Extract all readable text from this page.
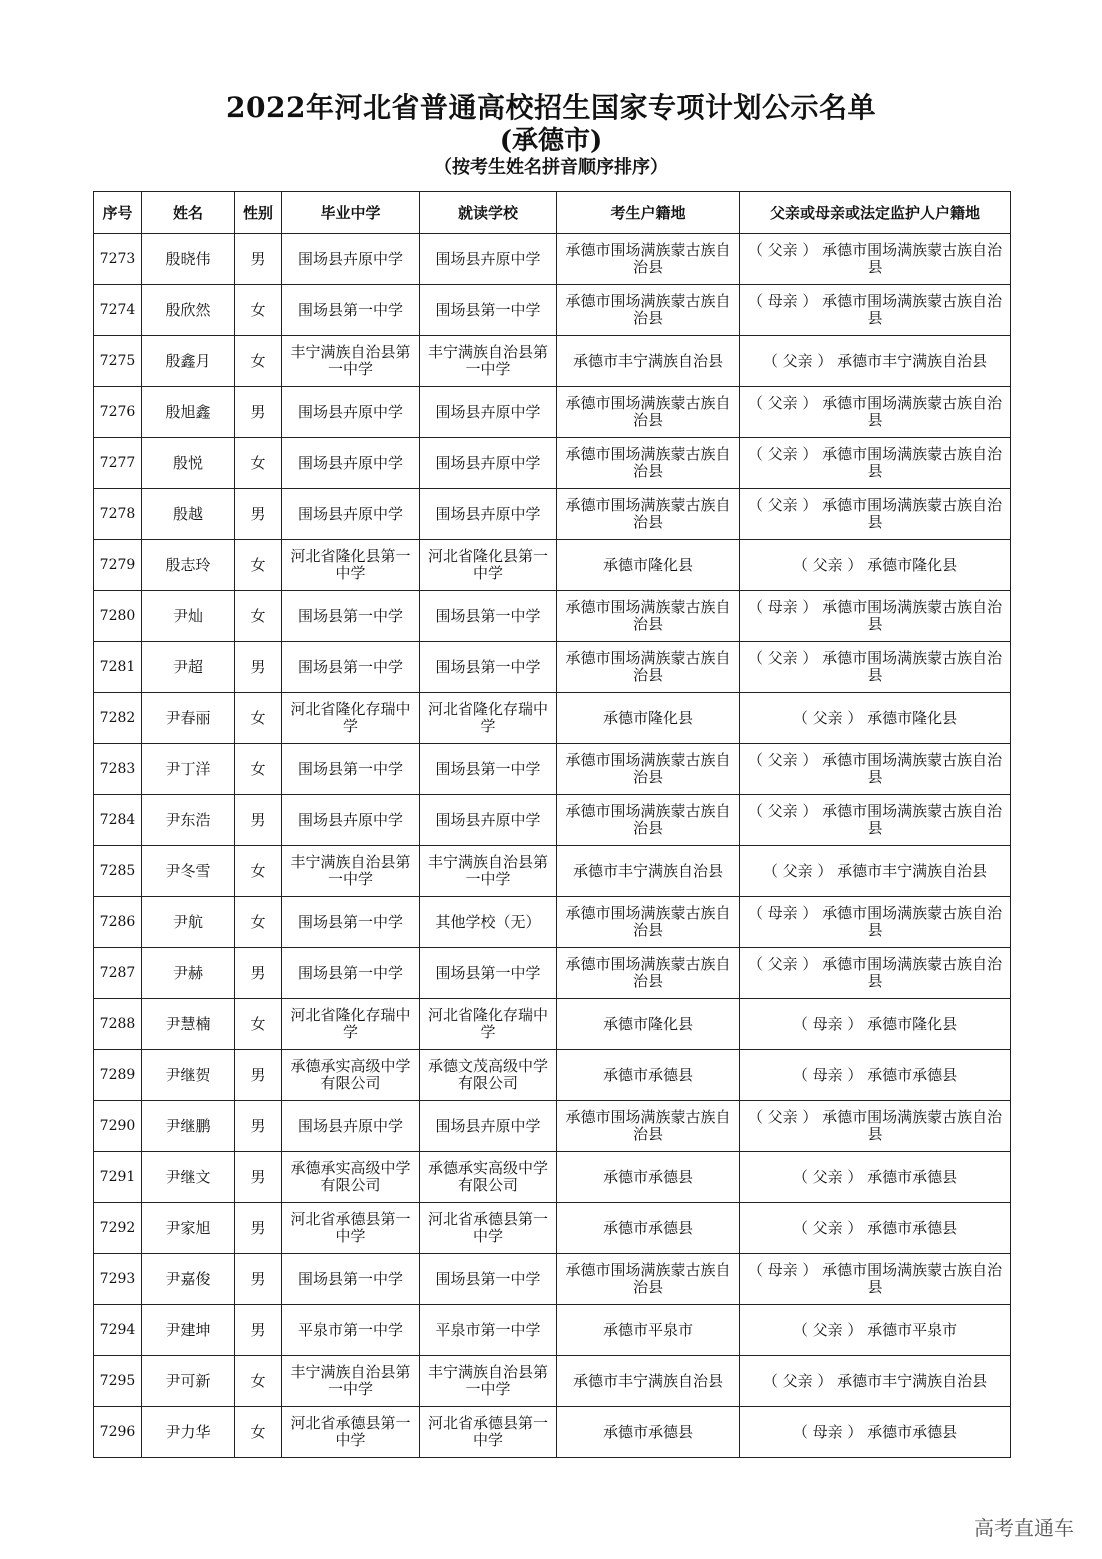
2022年河北省普通高校招生国家专项计划公示名单
(承德市)
（按考生姓名拼音顺序排序）
序号	姓名	性别	毕业中学	就读学校	考生户籍地	父亲或母亲或法定监护人户籍地
7273	殷晓伟	男	围场县卉原中学	围场县卉原中学	承德市围场满族蒙古族自治县	（ 父亲 ） 承德市围场满族蒙古族自治县
7274	殷欣然	女	围场县第一中学	围场县第一中学	承德市围场满族蒙古族自治县	（ 母亲 ） 承德市围场满族蒙古族自治县
7275	殷鑫月	女	丰宁满族自治县第一中学	丰宁满族自治县第一中学	承德市丰宁满族自治县	（ 父亲 ） 承德市丰宁满族自治县
7276	殷旭鑫	男	围场县卉原中学	围场县卉原中学	承德市围场满族蒙古族自治县	（ 父亲 ） 承德市围场满族蒙古族自治县
7277	殷悦	女	围场县卉原中学	围场县卉原中学	承德市围场满族蒙古族自治县	（ 父亲 ） 承德市围场满族蒙古族自治县
7278	殷越	男	围场县卉原中学	围场县卉原中学	承德市围场满族蒙古族自治县	（ 父亲 ） 承德市围场满族蒙古族自治县
7279	殷志玲	女	河北省隆化县第一中学	河北省隆化县第一中学	承德市隆化县	（ 父亲 ） 承德市隆化县
7280	尹灿	女	围场县第一中学	围场县第一中学	承德市围场满族蒙古族自治县	（ 母亲 ） 承德市围场满族蒙古族自治县
7281	尹超	男	围场县第一中学	围场县第一中学	承德市围场满族蒙古族自治县	（ 父亲 ） 承德市围场满族蒙古族自治县
7282	尹春丽	女	河北省隆化存瑞中学	河北省隆化存瑞中学	承德市隆化县	（ 父亲 ） 承德市隆化县
7283	尹丁洋	女	围场县第一中学	围场县第一中学	承德市围场满族蒙古族自治县	（ 父亲 ） 承德市围场满族蒙古族自治县
7284	尹东浩	男	围场县卉原中学	围场县卉原中学	承德市围场满族蒙古族自治县	（ 父亲 ） 承德市围场满族蒙古族自治县
7285	尹冬雪	女	丰宁满族自治县第一中学	丰宁满族自治县第一中学	承德市丰宁满族自治县	（ 父亲 ） 承德市丰宁满族自治县
7286	尹航	女	围场县第一中学	其他学校（无）	承德市围场满族蒙古族自治县	（ 母亲 ） 承德市围场满族蒙古族自治县
7287	尹赫	男	围场县第一中学	围场县第一中学	承德市围场满族蒙古族自治县	（ 父亲 ） 承德市围场满族蒙古族自治县
7288	尹慧楠	女	河北省隆化存瑞中学	河北省隆化存瑞中学	承德市隆化县	（ 母亲 ） 承德市隆化县
7289	尹继贺	男	承德承实高级中学有限公司	承德文茂高级中学有限公司	承德市承德县	（ 母亲 ） 承德市承德县
7290	尹继鹏	男	围场县卉原中学	围场县卉原中学	承德市围场满族蒙古族自治县	（ 父亲 ） 承德市围场满族蒙古族自治县
7291	尹继文	男	承德承实高级中学有限公司	承德承实高级中学有限公司	承德市承德县	（ 父亲 ） 承德市承德县
7292	尹家旭	男	河北省承德县第一中学	河北省承德县第一中学	承德市承德县	（ 父亲 ） 承德市承德县
7293	尹嘉俊	男	围场县第一中学	围场县第一中学	承德市围场满族蒙古族自治县	（ 母亲 ） 承德市围场满族蒙古族自治县
7294	尹建坤	男	平泉市第一中学	平泉市第一中学	承德市平泉市	（ 父亲 ） 承德市平泉市
7295	尹可新	女	丰宁满族自治县第一中学	丰宁满族自治县第一中学	承德市丰宁满族自治县	（ 父亲 ） 承德市丰宁满族自治县
7296	尹力华	女	河北省承德县第一中学	河北省承德县第一中学	承德市承德县	（ 母亲 ） 承德市承德县
高考直通车
